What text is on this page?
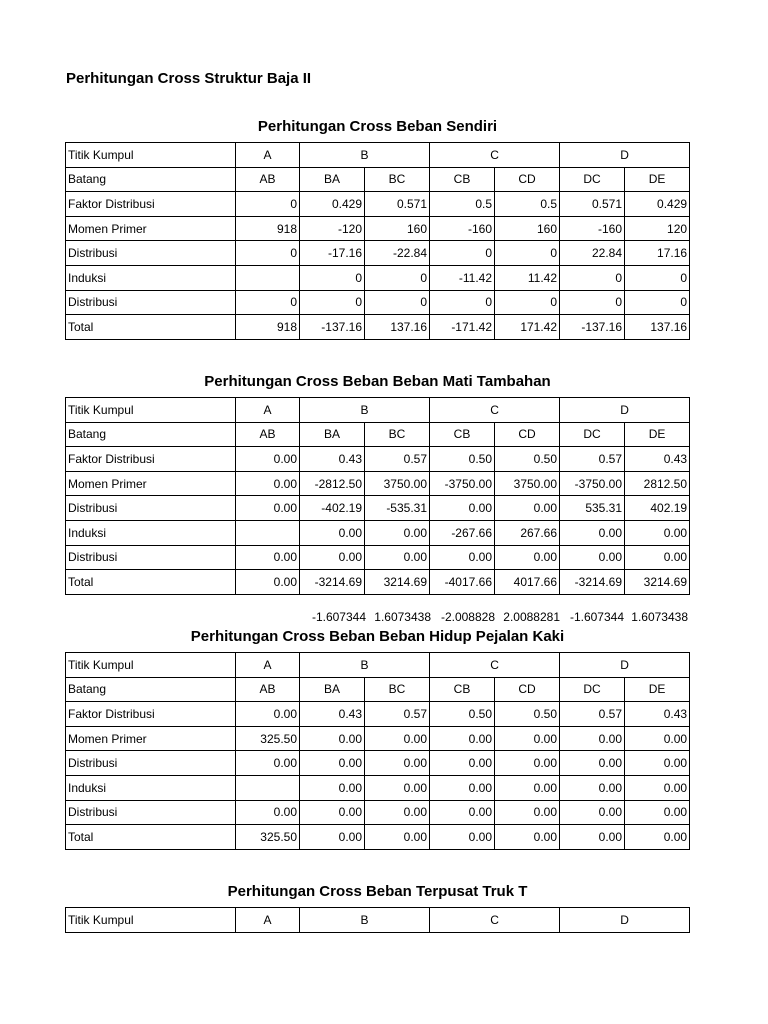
Perhitungan Cross Struktur Baja II
Perhitungan Cross Beban Sendiri
Titik Kumpul	A	B		C		D	
Batang	AB	BA	BC	CB	CD	DC	DE
Faktor Distribusi	0	0.429	0.571	0.5	0.5	0.571	0.429
Momen Primer	918	-120	160	-160	160	-160	120
Distribusi	0	-17.16	-22.84	0	0	22.84	17.16
Induksi		0	0	-11.42	11.42	0	0
Distribusi	0	0	0	0	0	0	0
Total	918	-137.16	137.16	-171.42	171.42	-137.16	137.16
Perhitungan Cross Beban Beban Mati Tambahan
Titik Kumpul	A	B		C		D	
Batang	AB	BA	BC	CB	CD	DC	DE
Faktor Distribusi	0.00	0.43	0.57	0.50	0.50	0.57	0.43
Momen Primer	0.00	-2812.50	3750.00	-3750.00	3750.00	-3750.00	2812.50
Distribusi	0.00	-402.19	-535.31	0.00	0.00	535.31	402.19
Induksi		0.00	0.00	-267.66	267.66	0.00	0.00
Distribusi	0.00	0.00	0.00	0.00	0.00	0.00	0.00
Total	0.00	-3214.69	3214.69	-4017.66	4017.66	-3214.69	3214.69
-1.607344 1.6073438 -2.008828 2.0088281 -1.607344 1.6073438
Perhitungan Cross Beban Beban Hidup Pejalan Kaki
Titik Kumpul	A	B		C		D	
Batang	AB	BA	BC	CB	CD	DC	DE
Faktor Distribusi	0.00	0.43	0.57	0.50	0.50	0.57	0.43
Momen Primer	325.50	0.00	0.00	0.00	0.00	0.00	0.00
Distribusi	0.00	0.00	0.00	0.00	0.00	0.00	0.00
Induksi		0.00	0.00	0.00	0.00	0.00	0.00
Distribusi	0.00	0.00	0.00	0.00	0.00	0.00	0.00
Total	325.50	0.00	0.00	0.00	0.00	0.00	0.00
Perhitungan Cross Beban Terpusat Truk T
Titik Kumpul	A	B	C	D
